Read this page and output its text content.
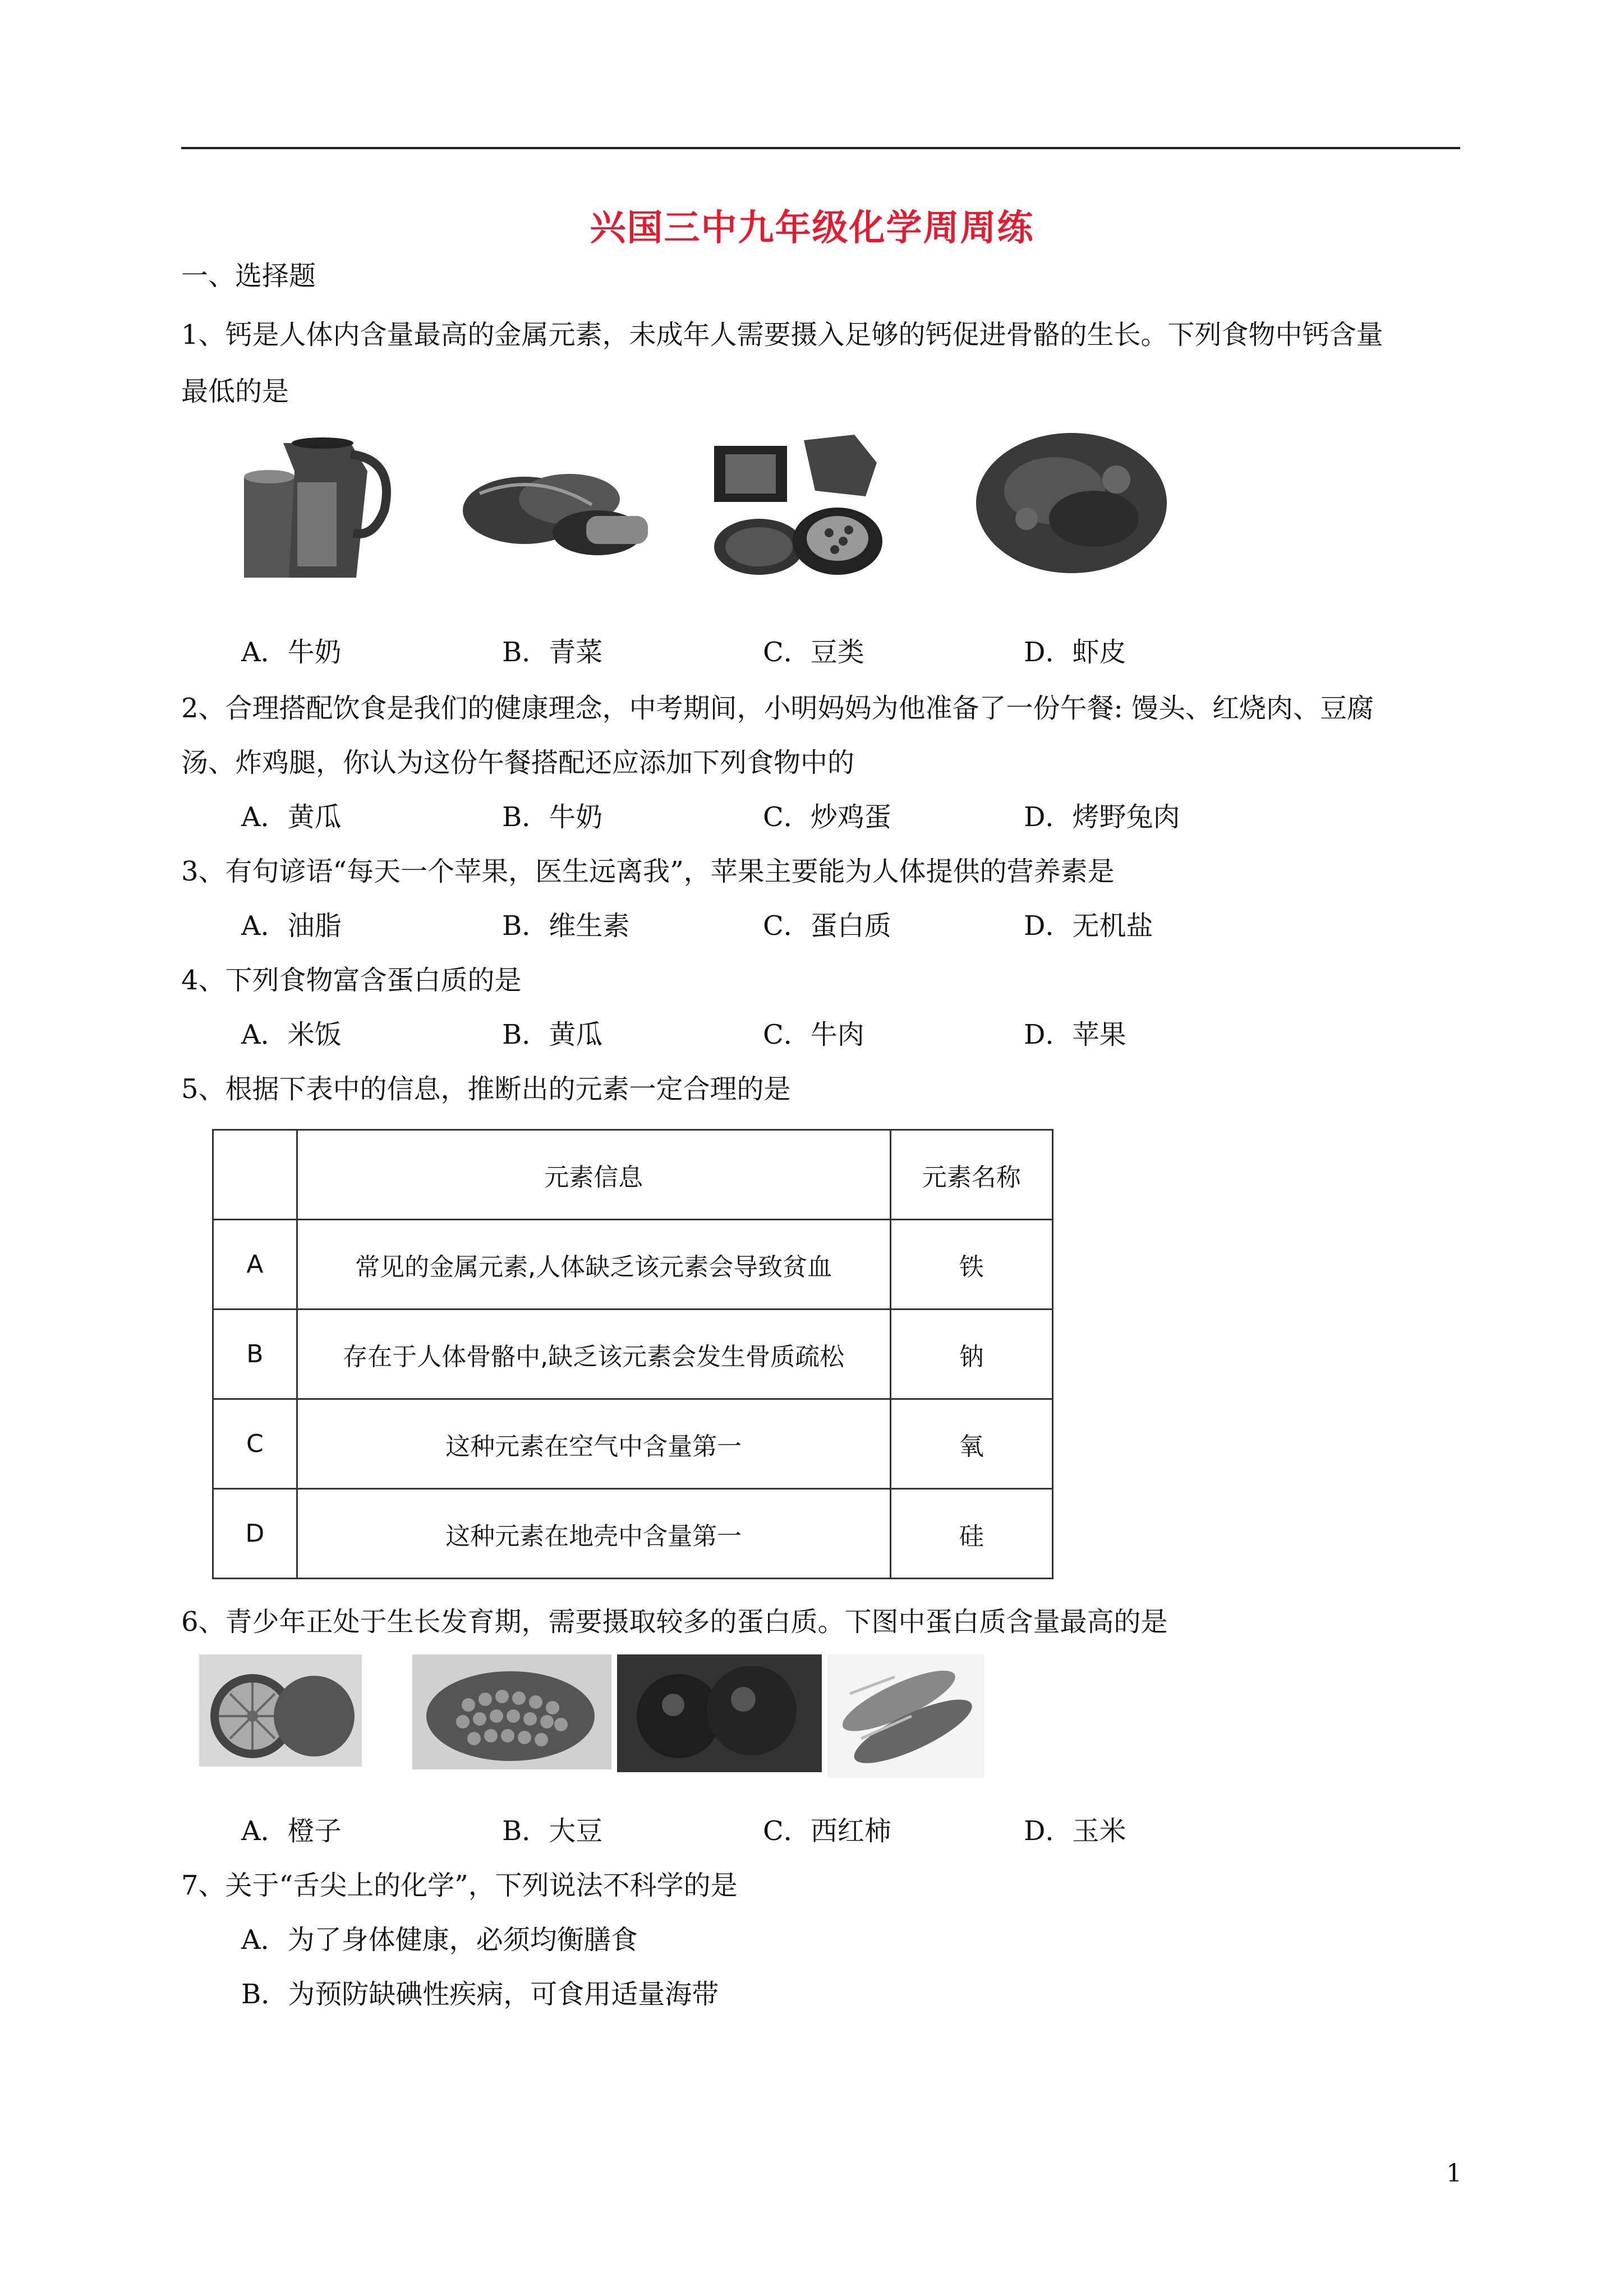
兴国三中九年级化学周周练
一、选择题
1、钙是人体内含量最高的金属元素，未成年人需要摄入足够的钙促进骨骼的生长。下列食物中钙含量
最低的是
A．牛奶	B．青菜	C．豆类	D．虾皮
2、合理搭配饮食是我们的健康理念，中考期间，小明妈妈为他准备了一份午餐: 馒头、红烧肉、豆腐
汤、炸鸡腿，你认为这份午餐搭配还应添加下列食物中的
A．黄瓜	B．牛奶	C．炒鸡蛋	D．烤野兔肉
3、有句谚语“每天一个苹果，医生远离我”，苹果主要能为人体提供的营养素是
A．油脂	B．维生素	C．蛋白质	D．无机盐
4、下列食物富含蛋白质的是
A．米饭	B．黄瓜	C．牛肉	D．苹果
5、根据下表中的信息，推断出的元素一定合理的是
	元素信息	元素名称
A	常见的金属元素,人体缺乏该元素会导致贫血	铁
B	存在于人体骨骼中,缺乏该元素会发生骨质疏松	钠
C	这种元素在空气中含量第一	氧
D	这种元素在地壳中含量第一	硅
6、青少年正处于生长发育期，需要摄取较多的蛋白质。下图中蛋白质含量最高的是
A．橙子	B．大豆	C．西红柿	D．玉米
7、关于“舌尖上的化学”，下列说法不科学的是
A．为了身体健康，必须均衡膳食
B．为预防缺碘性疾病，可食用适量海带
1
